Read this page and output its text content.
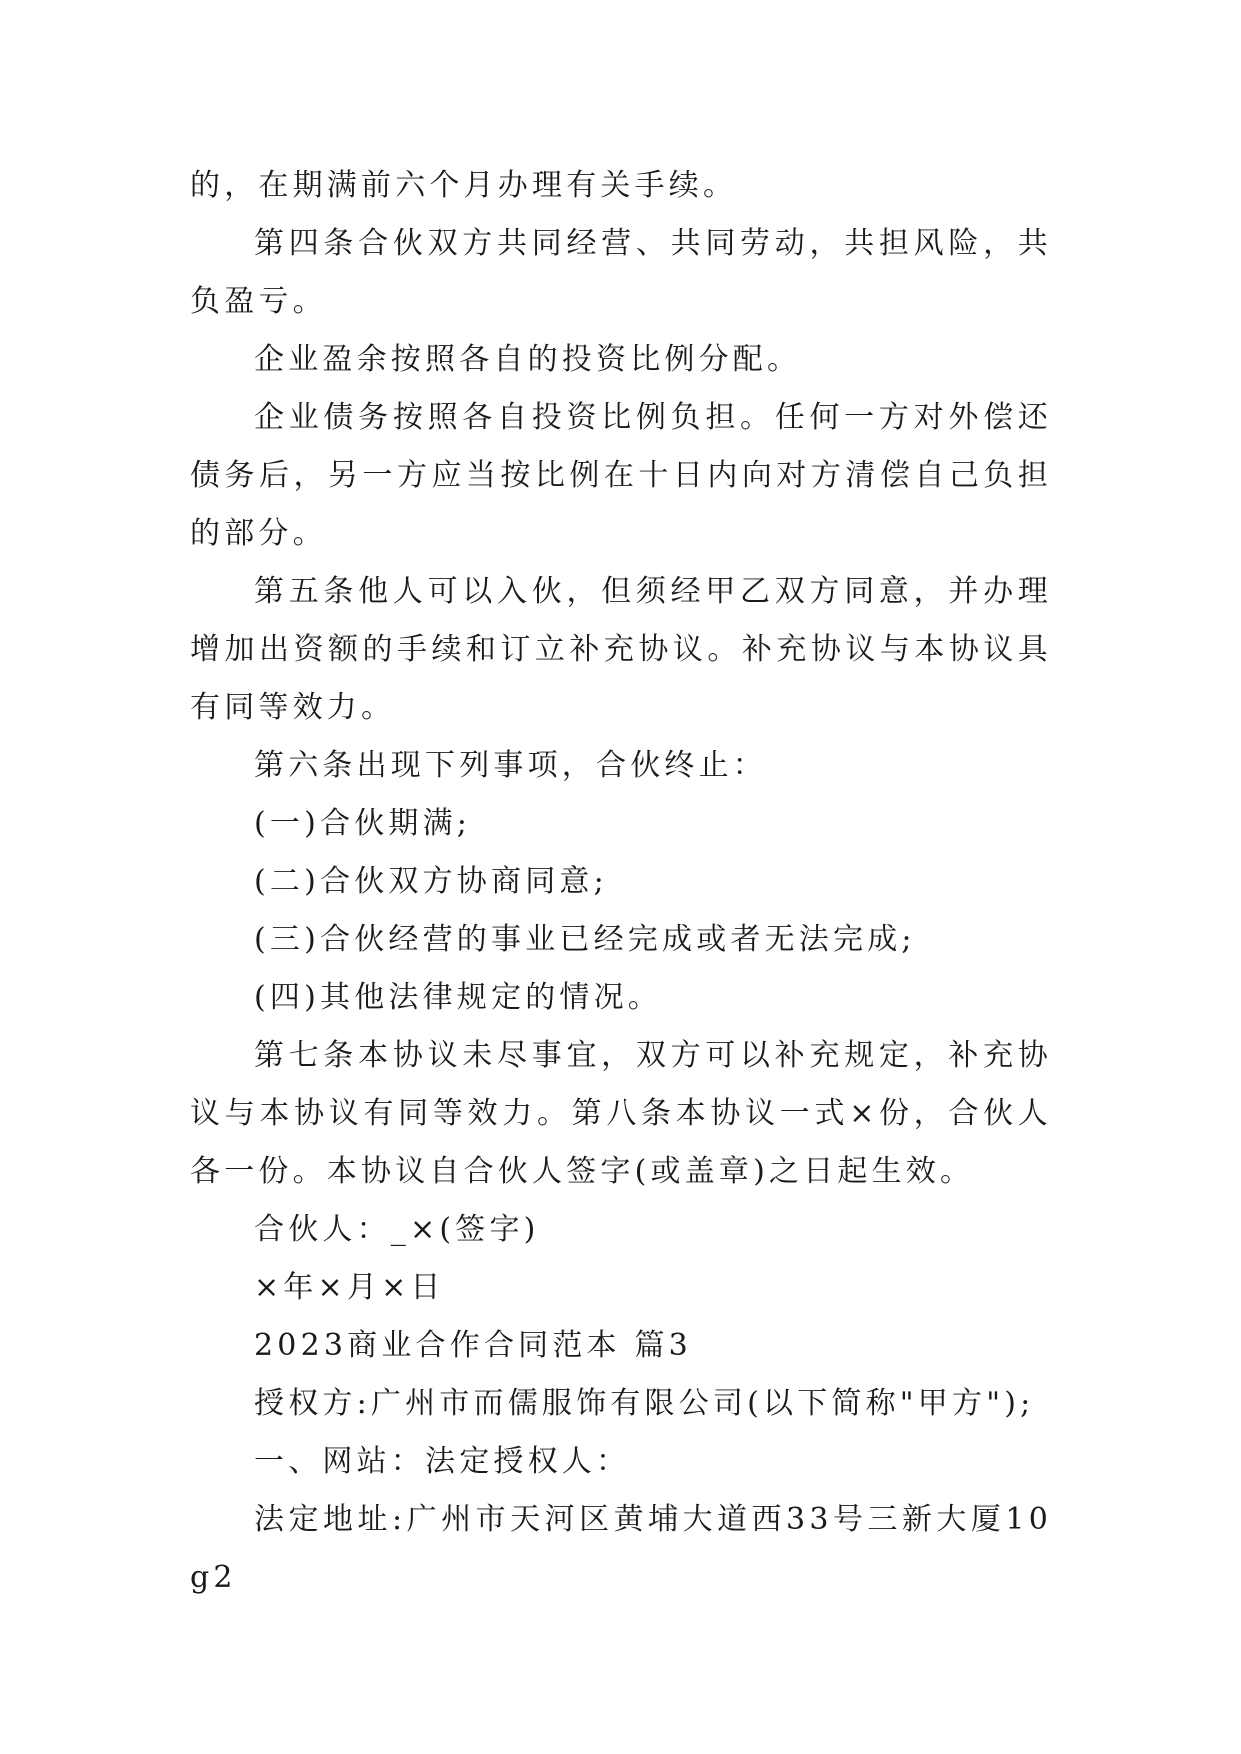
的，在期满前六个月办理有关手续。

第四条合伙双方共同经营、共同劳动，共担风险，共负盈亏。

企业盈余按照各自的投资比例分配。

企业债务按照各自投资比例负担。任何一方对外偿还债务后，另一方应当按比例在十日内向对方清偿自己负担的部分。

第五条他人可以入伙，但须经甲乙双方同意，并办理增加出资额的手续和订立补充协议。补充协议与本协议具有同等效力。

第六条出现下列事项，合伙终止：

(一)合伙期满;

(二)合伙双方协商同意;

(三)合伙经营的事业已经完成或者无法完成;

(四)其他法律规定的情况。

第七条本协议未尽事宜，双方可以补充规定，补充协议与本协议有同等效力。第八条本协议一式×份，合伙人各一份。本协议自合伙人签字(或盖章)之日起生效。

合伙人：_×(签字)

×年×月×日

2023商业合作合同范本 篇3

授权方:广州市而儒服饰有限公司(以下简称"甲方");

一、网站：法定授权人：

法定地址:广州市天河区黄埔大道西33号三新大厦10g2
